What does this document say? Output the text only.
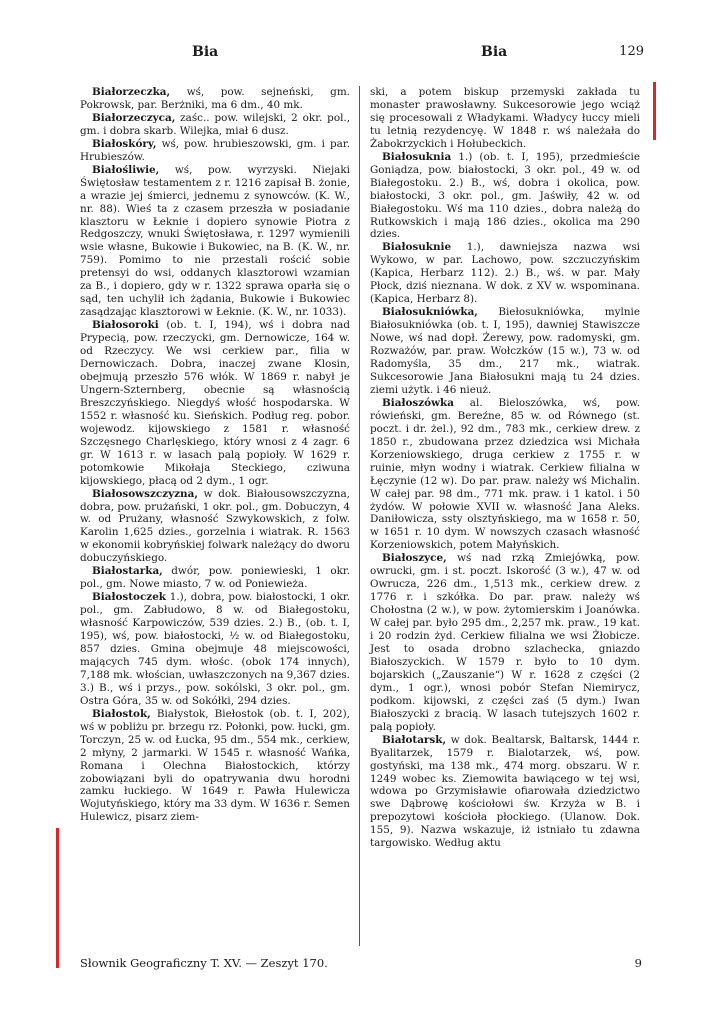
Bia	Bia	129

Białorzeczka, wś, pow. sejneński, gm. Pokrowsk, par. Berżniki, ma 6 dm., 40 mk.

Białorzeczyca, zaśc.. pow. wilejski, 2 okr. pol., gm. i dobra skarb. Wilejka, miał 6 dusz.

Białoskóry, wś, pow. hrubieszowski, gm. i par. Hrubieszów.

Białośliwie, wś, pow. wyrzyski. Niejaki Świętosław testamentem z r. 1216 zapisał B. żonie, a wrazie jej śmierci, jednemu z synowców. (K. W., nr. 88). Wieś ta z czasem przeszła w posiadanie klasztoru w Łeknie i dopiero synowie Piotra z Redgoszczy, wnuki Świętosława, r. 1297 wymienili wsie własne, Bukowie i Bukowiec, na B. (K. W., nr. 759). Pomimo to nie przestali rościć sobie pretensyi do wsi, oddanych klasztorowi wzamian za B., i dopiero, gdy w r. 1322 sprawa oparła się o sąd, ten uchylił ich żądania, Bukowie i Bukowiec zasądzając klasztorowi w Łeknie. (K. W., nr. 1033).

Białosoroki (ob. t. I, 194), wś i dobra nad Prypecią, pow. rzeczycki, gm. Dernowicze, 164 w. od Rzeczycy. We wsi cerkiew par., filia w Dernowiczach. Dobra, inaczej zwane Klosin, obejmują przeszło 576 włók. W 1869 r. nabył je Ungern-Szternberg, obecnie są własnością Breszczyńskiego. Niegdyś włość hospodarska. W 1552 r. własność ku. Sieńskich. Podług reg. pobor. wojewodz. kijowskiego z 1581 r. własność Szczęsnego Charlęskiego, który wnosi z 4 zagr. 6 gr. W 1613 r. w lasach palą popioły. W 1629 r. potomkowie Mikołaja Steckiego, cziwuna kijowskiego, płacą od 2 dym., 1 ogr.

Białosowszczyzna, w dok. Białousowszczyzna, dobra, pow. prużański, 1 okr. pol., gm. Dobuczyn, 4 w. od Prużany, własność Szwykowskich, z folw. Karolin 1,625 dzies., gorzelnia i wiatrak. R. 1563 w ekonomii kobryńskiej folwark należący do dworu dobuczyńskiego.

Białostarka, dwór, pow. poniewieski, 1 okr. pol., gm. Nowe miasto, 7 w. od Poniewieża.

Białostoczek 1.), dobra, pow. białostocki, 1 okr. pol., gm. Zabłudowo, 8 w. od Białegostoku, własność Karpowiczów, 539 dzies. 2.) B., (ob. t. I, 195), wś, pow. białostocki, ½ w. od Białegostoku, 857 dzies. Gmina obejmuje 48 miejscowości, mających 745 dym. włośc. (obok 174 innych), 7,188 mk. włościan, uwłaszczonych na 9,367 dzies. 3.) B., wś i przys., pow. sokólski, 3 okr. pol., gm. Ostra Góra, 35 w. od Sokółki, 294 dzies.

Białostok, Białystok, Biełostok (ob. t. I, 202), wś w pobliżu pr. brzegu rz. Połonki, pow. łucki, gm. Torczyn, 25 w. od Łucka, 95 dm., 554 mk., cerkiew, 2 młyny, 2 jarmarki. W 1545 r. własność Wańka, Romana i Olechna Białostockich, którzy zobowiązani byli do opatrywania dwu horodni zamku łuckiego. W 1649 r. Pawła Hulewicza Wojutyńskiego, który ma 33 dym. W 1636 r. Semen Hulewicz, pisarz ziem-

ski, a potem biskup przemyski zakłada tu monaster prawosławny. Sukcesorowie jego wciąż się procesowali z Władykami. Władycy łuccy mieli tu letnią rezydencyę. W 1848 r. wś należała do Żabokrzyckich i Hołubeckich.

Białosuknia 1.) (ob. t. I, 195), przedmieście Goniądza, pow. białostocki, 3 okr. pol., 49 w. od Białegostoku. 2.) B., wś, dobra i okolica, pow. białostocki, 3 okr. pol., gm. Jaświły, 42 w. od Białegostoku. Wś ma 110 dzies., dobra należą do Rutkowskich i mają 186 dzies., okolica ma 290 dzies.

Białosuknie 1.), dawniejsza nazwa wsi Wykowo, w par. Lachowo, pow. szczuczyńskim (Kapica, Herbarz 112). 2.) B., wś. w par. Mały Płock, dziś nieznana. W dok. z XV w. wspominana. (Kapica, Herbarz 8).

Białosukniówka, Biełosukniówka, mylnie Białosukniówka (ob. t. I, 195), dawniej Stawiszcze Nowe, wś nad dopł. Żerewy, pow. radomyski, gm. Rozważów, par. praw. Wołczków (15 w.), 73 w. od Radomyśla, 35 dm., 217 mk., wiatrak. Sukcesorowie Jana Białosukni mają tu 24 dzies. ziemi użytk. i 46 nieuż.

Białoszówka al. Bieloszówka, wś, pow. rówieński, gm. Bereźne, 85 w. od Równego (st. poczt. i dr. żel.), 92 dm., 783 mk., cerkiew drew. z 1850 r., zbudowana przez dziedzica wsi Michała Korzeniowskiego, druga cerkiew z 1755 r. w ruinie, młyn wodny i wiatrak. Cerkiew filialna w Łęczynie (12 w). Do par. praw. należy wś Michalin. W całej par. 98 dm., 771 mk. praw. i 1 katol. i 50 żydów. W połowie XVII w. własność Jana Aleks. Daniłowicza, ssty olsztyńskiego, ma w 1658 r. 50, w 1651 r. 10 dym. W nowszych czasach własność Korzeniowskich, potem Małyńskich.

Białoszyce, wś nad rzką Zmiejówką, pow. owrucki, gm. i st. poczt. Iskorość (3 w.), 47 w. od Owrucza, 226 dm., 1,513 mk., cerkiew drew. z 1776 r. i szkółka. Do par. praw. należy wś Chołostna (2 w.), w pow. żytomierskim i Joanówka. W całej par. było 295 dm., 2,257 mk. praw., 19 kat. i 20 rodzin żyd. Cerkiew filialna we wsi Żłobicze. Jest to osada drobno szlachecka, gniazdo Białoszyckich. W 1579 r. było to 10 dym. bojarskich („Zauszanie“) W r. 1628 z części (2 dym., 1 ogr.), wnosi pobór Stefan Niemirycz, podkom. kijowski, z części zaś (5 dym.) Iwan Białoszycki z bracią. W lasach tutejszych 1602 r. palą popioły.

Białotarsk, w dok. Bealtarsk, Baltarsk, 1444 r. Byalitarzek, 1579 r. Bialotarzek, wś, pow. gostyński, ma 138 mk., 474 morg. obszaru. W r. 1249 wobec ks. Ziemowita bawiącego w tej wsi, wdowa po Grzymisławie ofiarowała dziedzictwo swe Dąbrowę kościołowi św. Krzyża w B. i prepozytowi kościoła płockiego. (Ulanow. Dok. 155, 9). Nazwa wskazuje, iż istniało tu zdawna targowisko. Według aktu

Słownik Geograficzny T. XV. — Zeszyt 170.	9
